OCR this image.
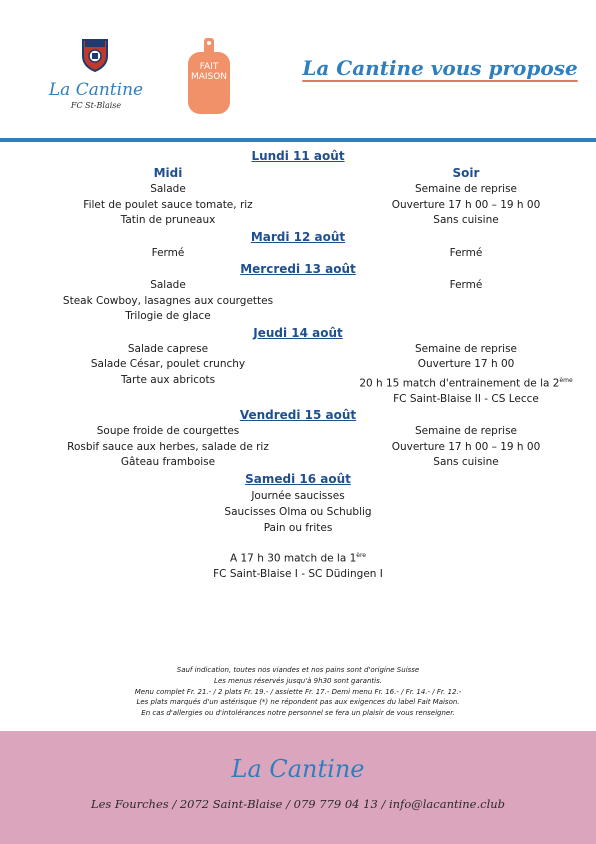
La Cantine
FC St-Blaise
FAIT
MAISON	La Cantine vous propose
Lundi 11 août
Midi
Salade
Filet de poulet sauce tomate, riz
Tatin de pruneaux
Soir
Semaine de reprise
Ouverture 17 h 00 – 19 h 00
Sans cuisine
Mardi 12 août
Fermé	Fermé
Mercredi 13 août
Salade
Steak Cowboy, lasagnes aux courgettes
Trilogie de glace
Fermé
Jeudi 14 août
Salade caprese
Salade César, poulet crunchy
Tarte aux abricots
Semaine de reprise
Ouverture 17 h 00
20 h 15 match d'entrainement de la 2ème
FC Saint-Blaise II - CS Lecce
Vendredi 15 août
Soupe froide de courgettes
Rosbif sauce aux herbes, salade de riz
Gâteau framboise
Semaine de reprise
Ouverture 17 h 00 – 19 h 00
Sans cuisine
Samedi 16 août
Journée saucisses
Saucisses Olma ou Schublig
Pain ou frites
A 17 h 30 match de la 1ère
FC Saint-Blaise I - SC Düdingen I
Sauf indication, toutes nos viandes et nos pains sont d'origine Suisse
Les menus réservés jusqu'à 9h30 sont garantis.
Menu complet Fr. 21.- / 2 plats Fr. 19.- / assiette Fr. 17.- Demi menu Fr. 16.- / Fr. 14.- / Fr. 12.-
Les plats marqués d'un astérisque (*) ne répondent pas aux exigences du label Fait Maison.
En cas d'allergies ou d'intolérances notre personnel se fera un plaisir de vous renseigner.
La Cantine
Les Fourches / 2072 Saint-Blaise / 079 779 04 13 / info@lacantine.club
